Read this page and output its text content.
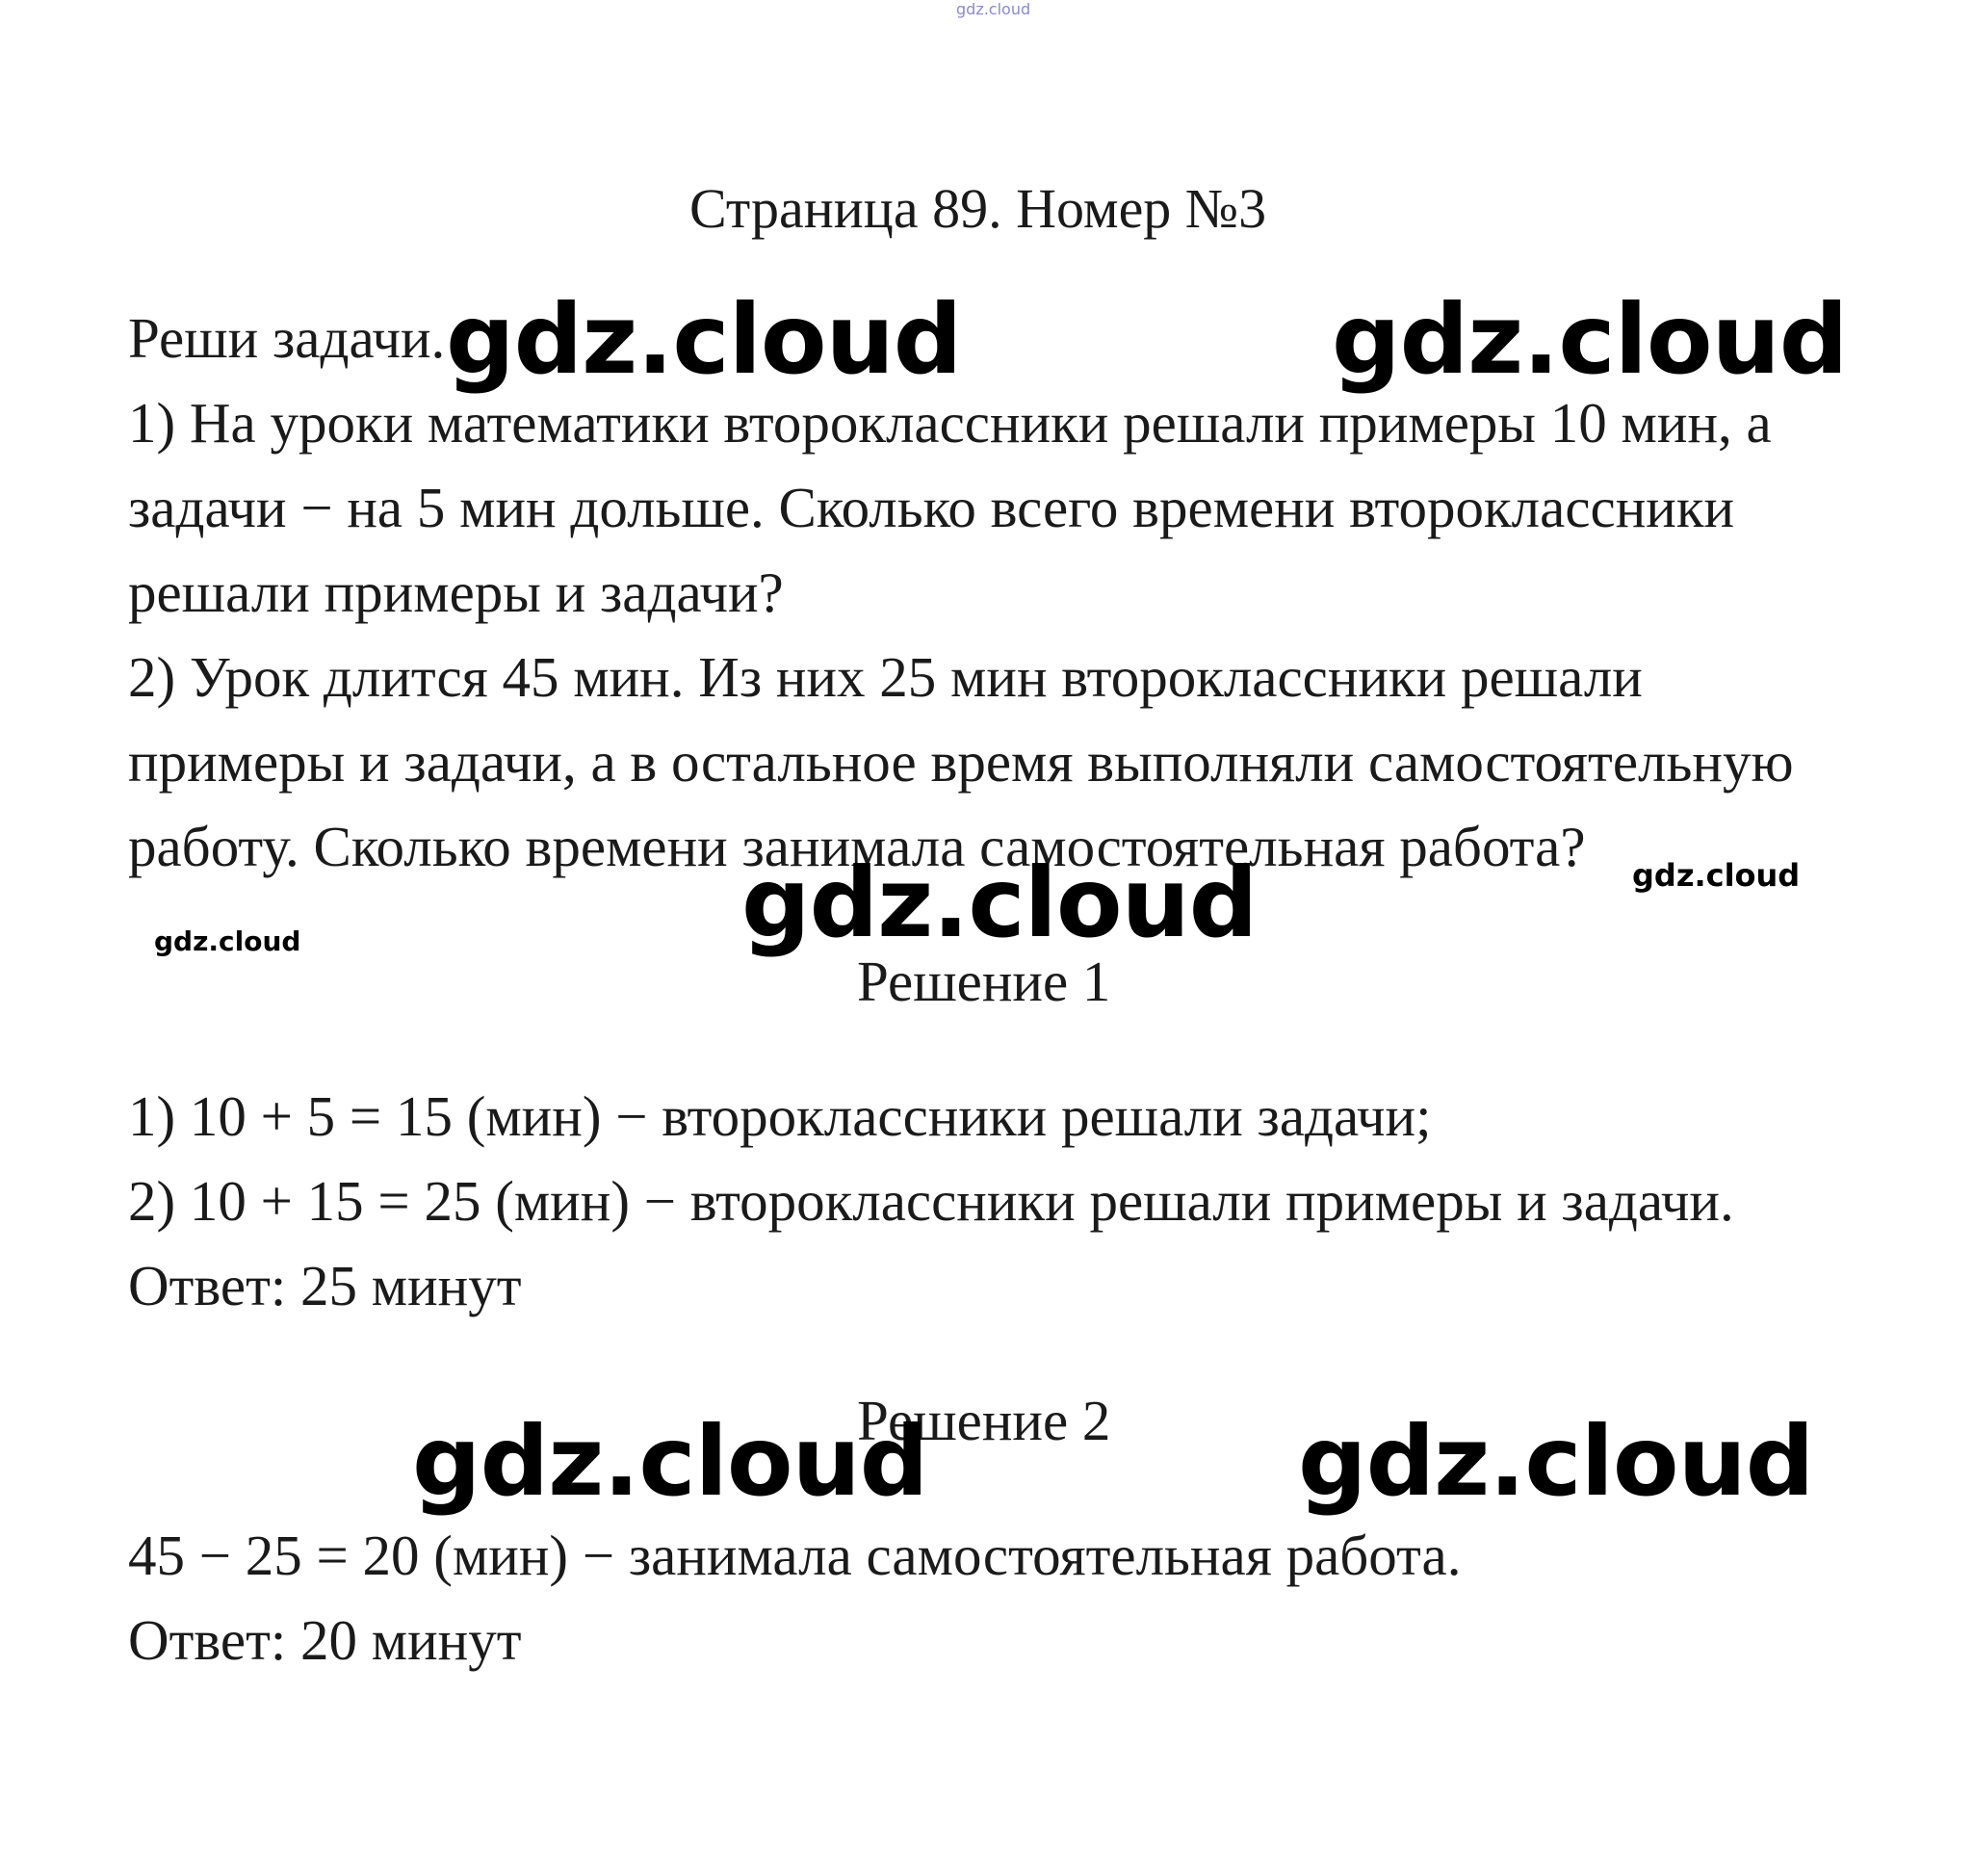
gdz.cloud
Страница 89. Номер №3
Реши задачи.
1) На уроки математики второклассники решали примеры 10 мин, а
задачи − на 5 мин дольше. Сколько всего времени второклассники
решали примеры и задачи?
2) Урок длится 45 мин. Из них 25 мин второклассники решали
примеры и задачи, а в остальное время выполняли самостоятельную
работу. Сколько времени занимала самостоятельная работа?
Решение 1
1) 10 + 5 = 15 (мин) − второклассники решали задачи;
2) 10 + 15 = 25 (мин) − второклассники решали примеры и задачи.
Ответ: 25 минут
Решение 2
45 − 25 = 20 (мин) − занимала самостоятельная работа.
Ответ: 20 минут
gdz.cloud	gdz.cloud
gdz.cloud	gdz.cloud
gdz.cloud
gdz.cloud	gdz.cloud
